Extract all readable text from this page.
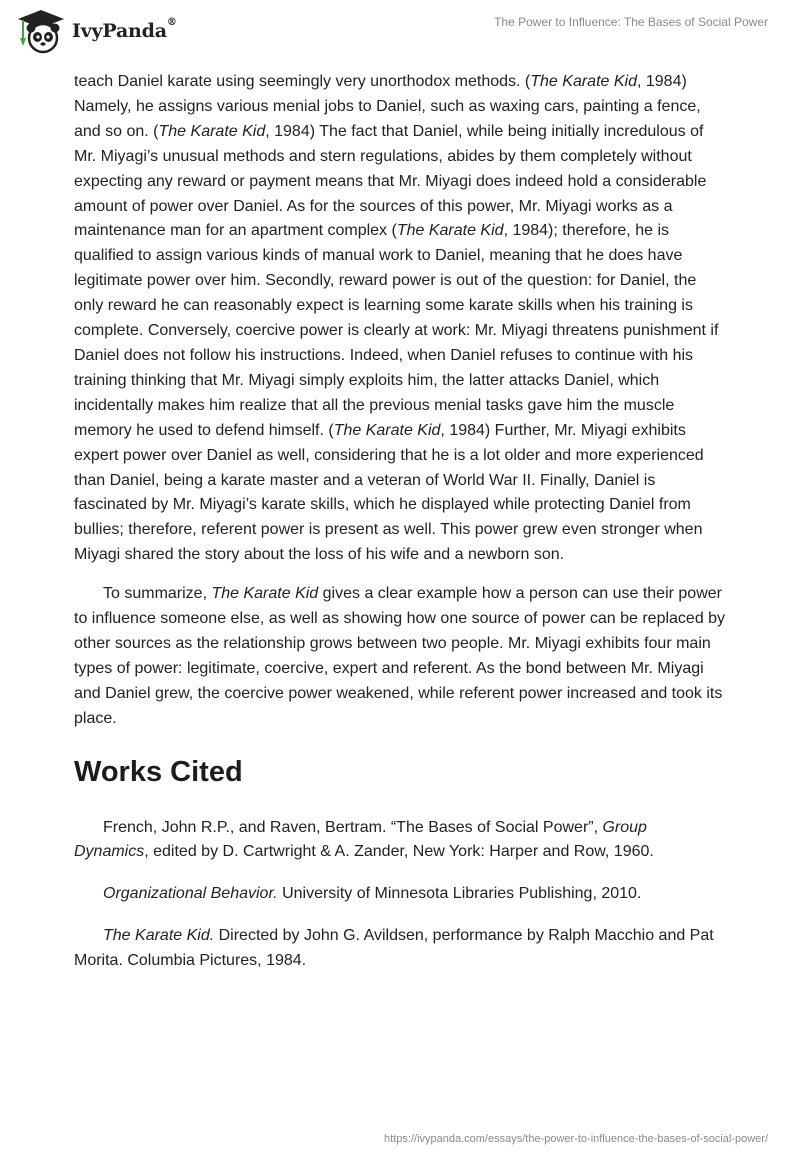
IvyPanda®	The Power to Influence: The Bases of Social Power

teach Daniel karate using seemingly very unorthodox methods. (The Karate Kid, 1984) Namely, he assigns various menial jobs to Daniel, such as waxing cars, painting a fence, and so on. (The Karate Kid, 1984) The fact that Daniel, while being initially incredulous of Mr. Miyagi’s unusual methods and stern regulations, abides by them completely without expecting any reward or payment means that Mr. Miyagi does indeed hold a considerable amount of power over Daniel. As for the sources of this power, Mr. Miyagi works as a maintenance man for an apartment complex (The Karate Kid, 1984); therefore, he is qualified to assign various kinds of manual work to Daniel, meaning that he does have legitimate power over him. Secondly, reward power is out of the question: for Daniel, the only reward he can reasonably expect is learning some karate skills when his training is complete. Conversely, coercive power is clearly at work: Mr. Miyagi threatens punishment if Daniel does not follow his instructions. Indeed, when Daniel refuses to continue with his training thinking that Mr. Miyagi simply exploits him, the latter attacks Daniel, which incidentally makes him realize that all the previous menial tasks gave him the muscle memory he used to defend himself. (The Karate Kid, 1984) Further, Mr. Miyagi exhibits expert power over Daniel as well, considering that he is a lot older and more experienced than Daniel, being a karate master and a veteran of World War II. Finally, Daniel is fascinated by Mr. Miyagi’s karate skills, which he displayed while protecting Daniel from bullies; therefore, referent power is present as well. This power grew even stronger when Miyagi shared the story about the loss of his wife and a newborn son.

To summarize, The Karate Kid gives a clear example how a person can use their power to influence someone else, as well as showing how one source of power can be replaced by other sources as the relationship grows between two people. Mr. Miyagi exhibits four main types of power: legitimate, coercive, expert and referent. As the bond between Mr. Miyagi and Daniel grew, the coercive power weakened, while referent power increased and took its place.

Works Cited

French, John R.P., and Raven, Bertram. “The Bases of Social Power”, Group Dynamics, edited by D. Cartwright & A. Zander, New York: Harper and Row, 1960.

Organizational Behavior. University of Minnesota Libraries Publishing, 2010.

The Karate Kid. Directed by John G. Avildsen, performance by Ralph Macchio and Pat Morita. Columbia Pictures, 1984.

https://ivypanda.com/essays/the-power-to-influence-the-bases-of-social-power/
